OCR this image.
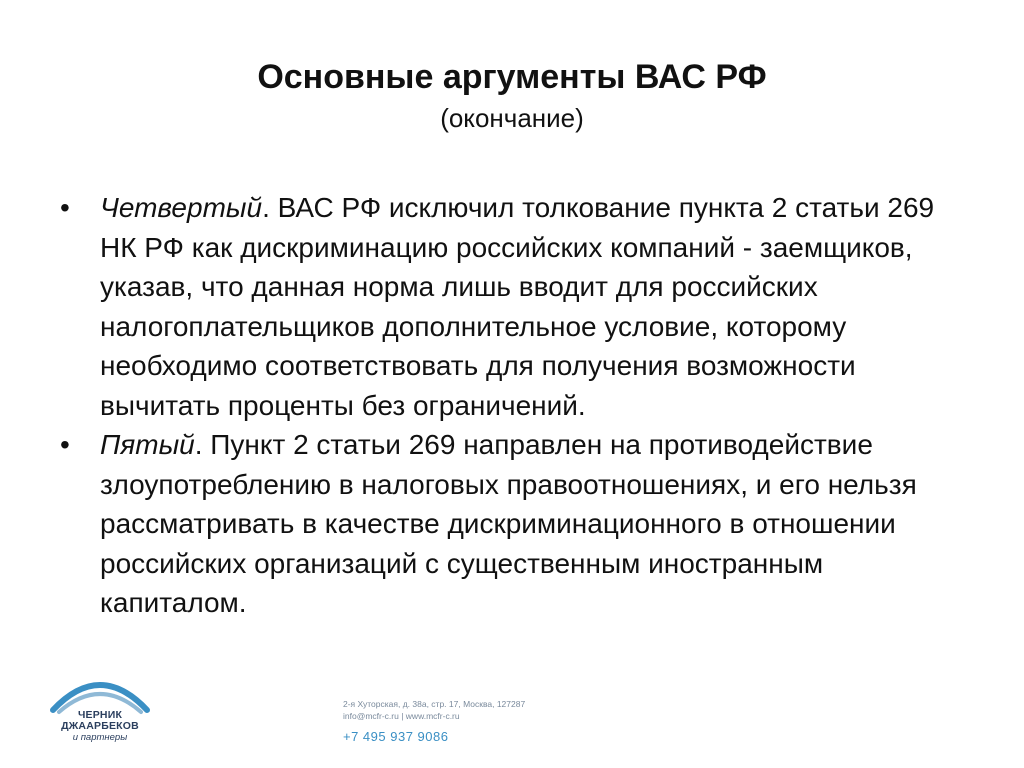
Основные аргументы ВАС РФ
(окончание)
• Четвертый. ВАС РФ исключил толкование пункта 2 статьи 269 НК РФ как дискриминацию российских компаний - заемщиков, указав, что данная норма лишь вводит для российских налогоплательщиков дополнительное условие, которому необходимо соответствовать для получения возможности вычитать проценты без ограничений.
• Пятый. Пункт 2 статьи 269 направлен на противодействие злоупотреблению в налоговых правоотношениях, и его нельзя рассматривать в качестве дискриминационного в отношении российских организаций с существенным иностранным капиталом.
ЧЕРНИК
ДЖААРБЕКОВ
и партнеры
2-я Хуторская, д. 38а, стр. 17, Москва, 127287
info@mcfr-c.ru | www.mcfr-c.ru
+7 495 937 9086
